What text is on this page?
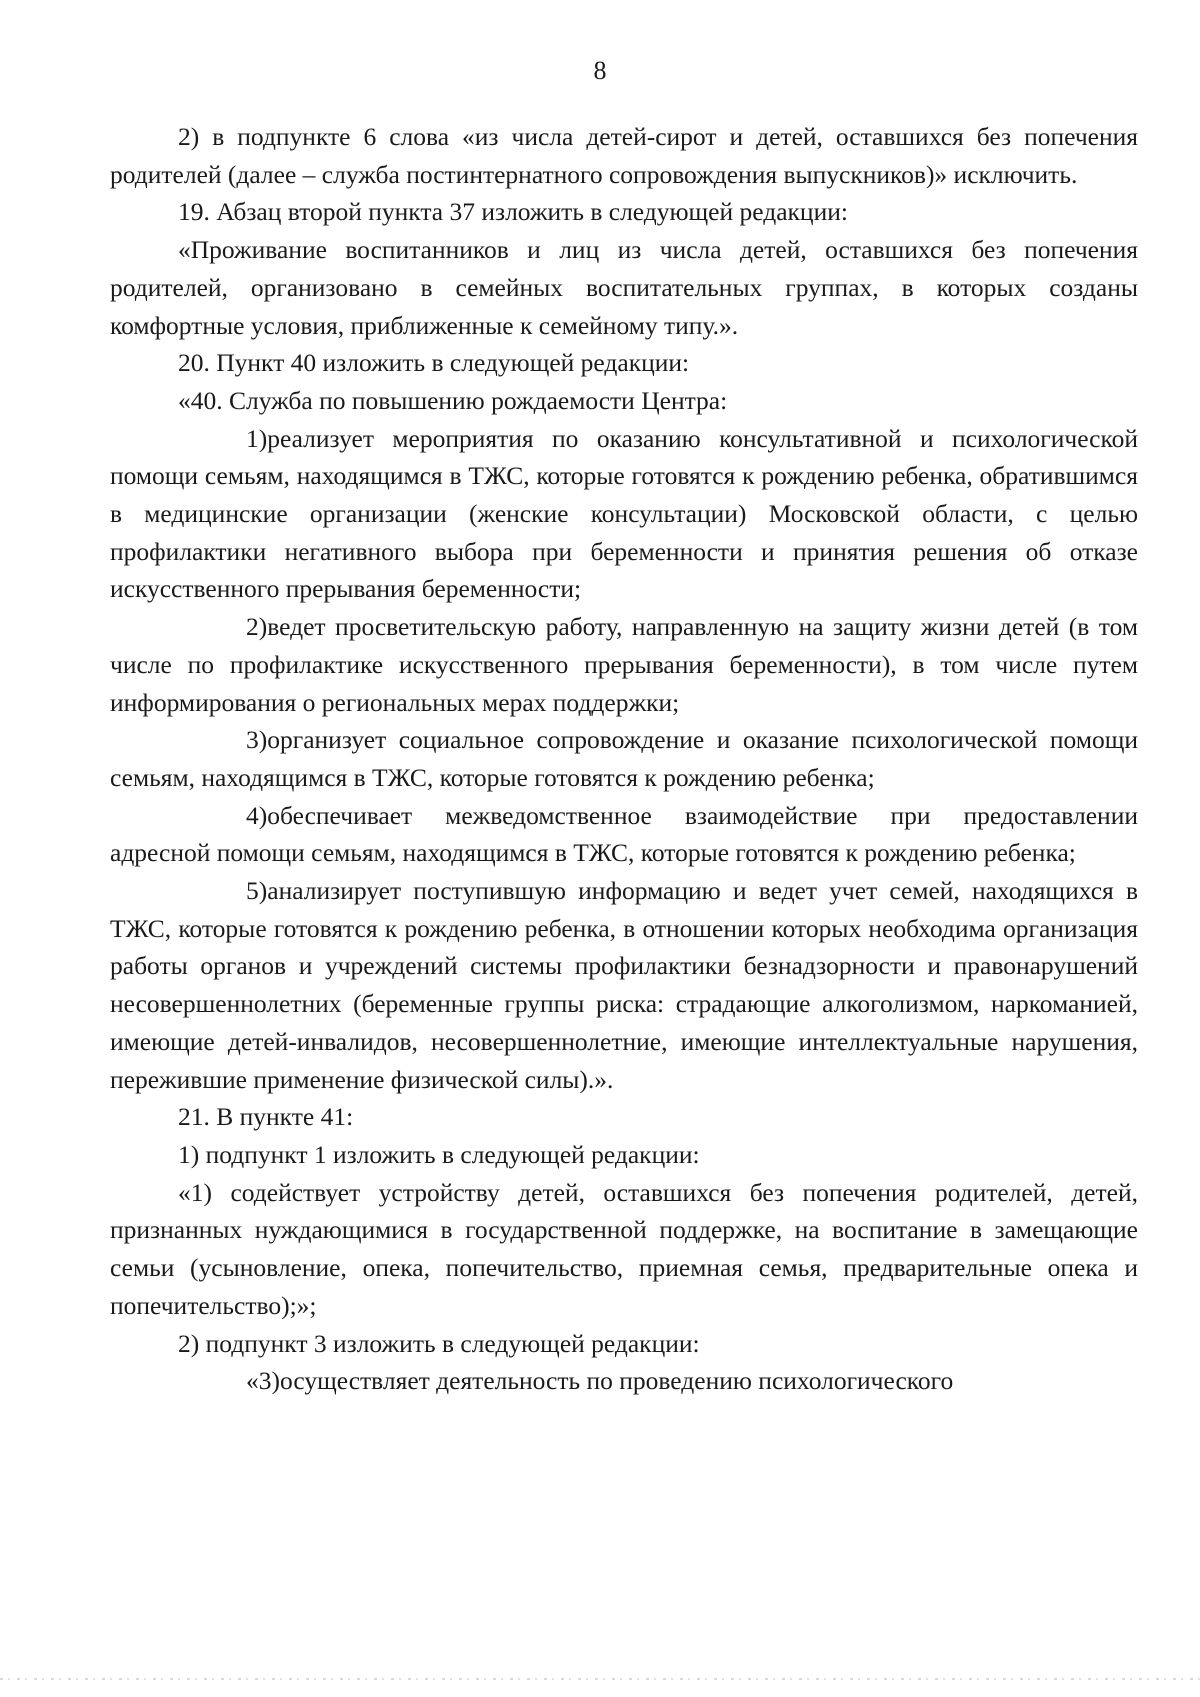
8

2) в подпункте 6 слова «из числа детей-сирот и детей, оставшихся без попечения родителей (далее – служба постинтернатного сопровождения выпускников)» исключить.

19. Абзац второй пункта 37 изложить в следующей редакции:

«Проживание воспитанников и лиц из числа детей, оставшихся без попечения родителей, организовано в семейных воспитательных группах, в которых созданы комфортные условия, приближенные к семейному типу.».

20. Пункт 40 изложить в следующей редакции:

«40. Служба по повышению рождаемости Центра:

1)реализует мероприятия по оказанию консультативной и психологической помощи семьям, находящимся в ТЖС, которые готовятся к рождению ребенка, обратившимся в медицинские организации (женские консультации) Московской области, с целью профилактики негативного выбора при беременности и принятия решения об отказе искусственного прерывания беременности;

2)ведет просветительскую работу, направленную на защиту жизни детей (в том числе по профилактике искусственного прерывания беременности), в том числе путем информирования о региональных мерах поддержки;

3)организует социальное сопровождение и оказание психологической помощи семьям, находящимся в ТЖС, которые готовятся к рождению ребенка;

4)обеспечивает межведомственное взаимодействие при предоставлении адресной помощи семьям, находящимся в ТЖС, которые готовятся к рождению ребенка;

5)анализирует поступившую информацию и ведет учет семей, находящихся в ТЖС, которые готовятся к рождению ребенка, в отношении которых необходима организация работы органов и учреждений системы профилактики безнадзорности и правонарушений несовершеннолетних (беременные группы риска: страдающие алкоголизмом, наркоманией, имеющие детей-инвалидов, несовершеннолетние, имеющие интеллектуальные нарушения, пережившие применение физической силы).».

21. В пункте 41:

1) подпункт 1 изложить в следующей редакции:

«1) содействует устройству детей, оставшихся без попечения родителей, детей, признанных нуждающимися в государственной поддержке, на воспитание в замещающие семьи (усыновление, опека, попечительство, приемная семья, предварительные опека и попечительство);»;

2) подпункт 3 изложить в следующей редакции:

«3)осуществляет деятельность по проведению психологического
